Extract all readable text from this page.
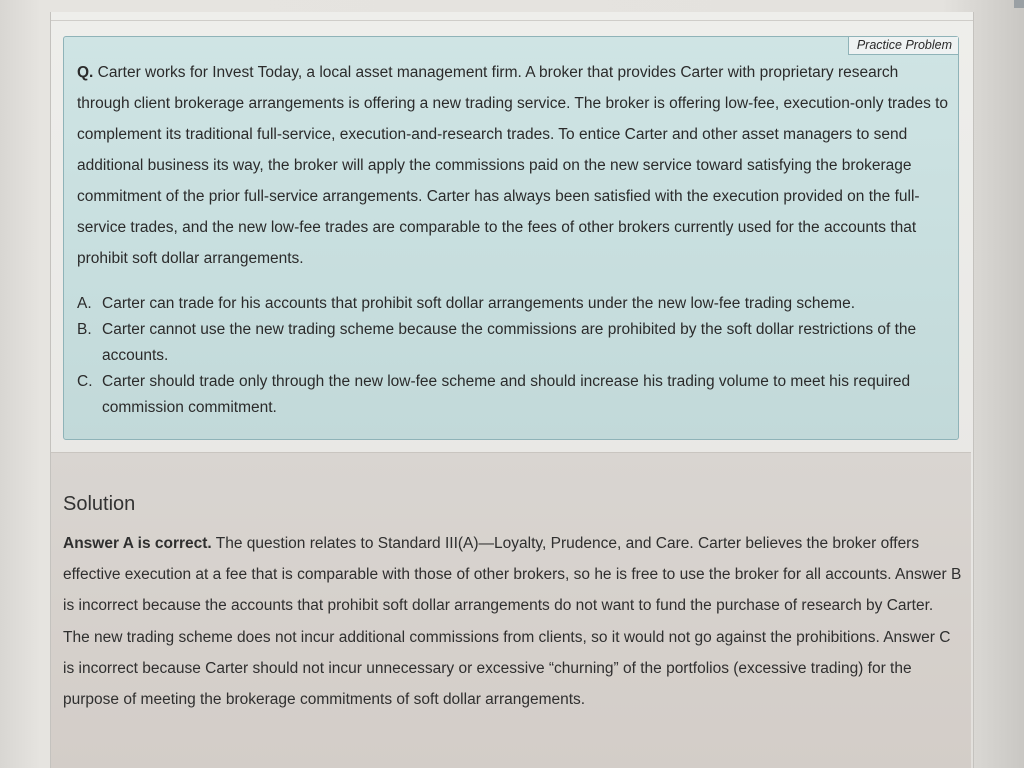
Practice Problem

Q. Carter works for Invest Today, a local asset management firm. A broker that provides Carter with proprietary research through client brokerage arrangements is offering a new trading service. The broker is offering low-fee, execution-only trades to complement its traditional full-service, execution-and-research trades. To entice Carter and other asset managers to send additional business its way, the broker will apply the commissions paid on the new service toward satisfying the brokerage commitment of the prior full-service arrangements. Carter has always been satisfied with the execution provided on the full-service trades, and the new low-fee trades are comparable to the fees of other brokers currently used for the accounts that prohibit soft dollar arrangements.

A. Carter can trade for his accounts that prohibit soft dollar arrangements under the new low-fee trading scheme.
B. Carter cannot use the new trading scheme because the commissions are prohibited by the soft dollar restrictions of the accounts.
C. Carter should trade only through the new low-fee scheme and should increase his trading volume to meet his required commission commitment.
Solution

Answer A is correct. The question relates to Standard III(A)—Loyalty, Prudence, and Care. Carter believes the broker offers effective execution at a fee that is comparable with those of other brokers, so he is free to use the broker for all accounts. Answer B is incorrect because the accounts that prohibit soft dollar arrangements do not want to fund the purchase of research by Carter. The new trading scheme does not incur additional commissions from clients, so it would not go against the prohibitions. Answer C is incorrect because Carter should not incur unnecessary or excessive “churning” of the portfolios (excessive trading) for the purpose of meeting the brokerage commitments of soft dollar arrangements.
